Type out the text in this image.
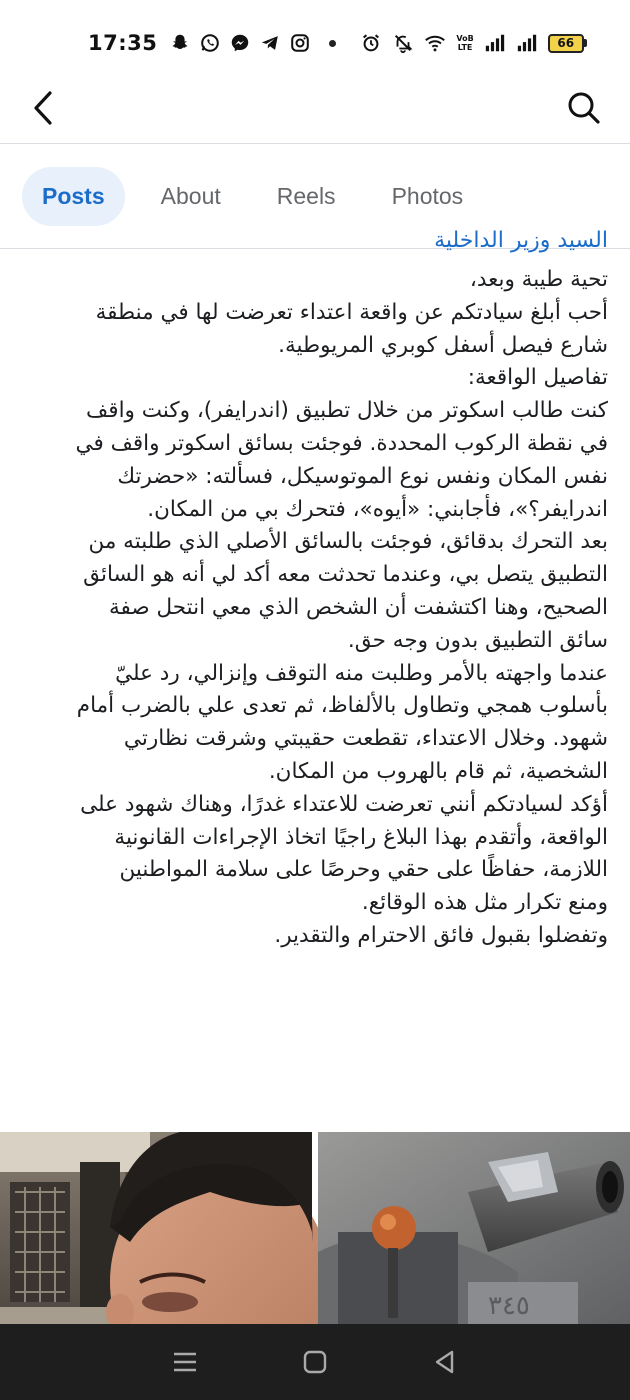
17:35	VoB
LTE	66
Posts	About	Reels	Photos
السيد وزير الداخلية
تحية طيبة وبعد،
أحب أبلغ سيادتكم عن واقعة اعتداء تعرضت لها في منطقة
شارع فيصل أسفل كوبري المريوطية.
تفاصيل الواقعة:
كنت طالب اسكوتر من خلال تطبيق (اندرايفر)، وكنت واقف
في نقطة الركوب المحددة. فوجئت بسائق اسكوتر واقف في
نفس المكان ونفس نوع الموتوسيكل، فسألته: «حضرتك
اندرايفر؟»، فأجابني: «أيوه»، فتحرك بي من المكان.
بعد التحرك بدقائق، فوجئت بالسائق الأصلي الذي طلبته من
التطبيق يتصل بي، وعندما تحدثت معه أكد لي أنه هو السائق
الصحيح، وهنا اكتشفت أن الشخص الذي معي انتحل صفة
سائق التطبيق بدون وجه حق.
عندما واجهته بالأمر وطلبت منه التوقف وإنزالي، رد عليّ
بأسلوب همجي وتطاول بالألفاظ، ثم تعدى علي بالضرب أمام
شهود. وخلال الاعتداء، تقطعت حقيبتي وشرقت نظارتي
الشخصية، ثم قام بالهروب من المكان.
أؤكد لسيادتكم أنني تعرضت للاعتداء غدرًا، وهناك شهود على
الواقعة، وأتقدم بهذا البلاغ راجيًا اتخاذ الإجراءات القانونية
اللازمة، حفاظًا على حقي وحرصًا على سلامة المواطنين
ومنع تكرار مثل هذه الوقائع.
وتفضلوا بقبول فائق الاحترام والتقدير.
٣٤٥
